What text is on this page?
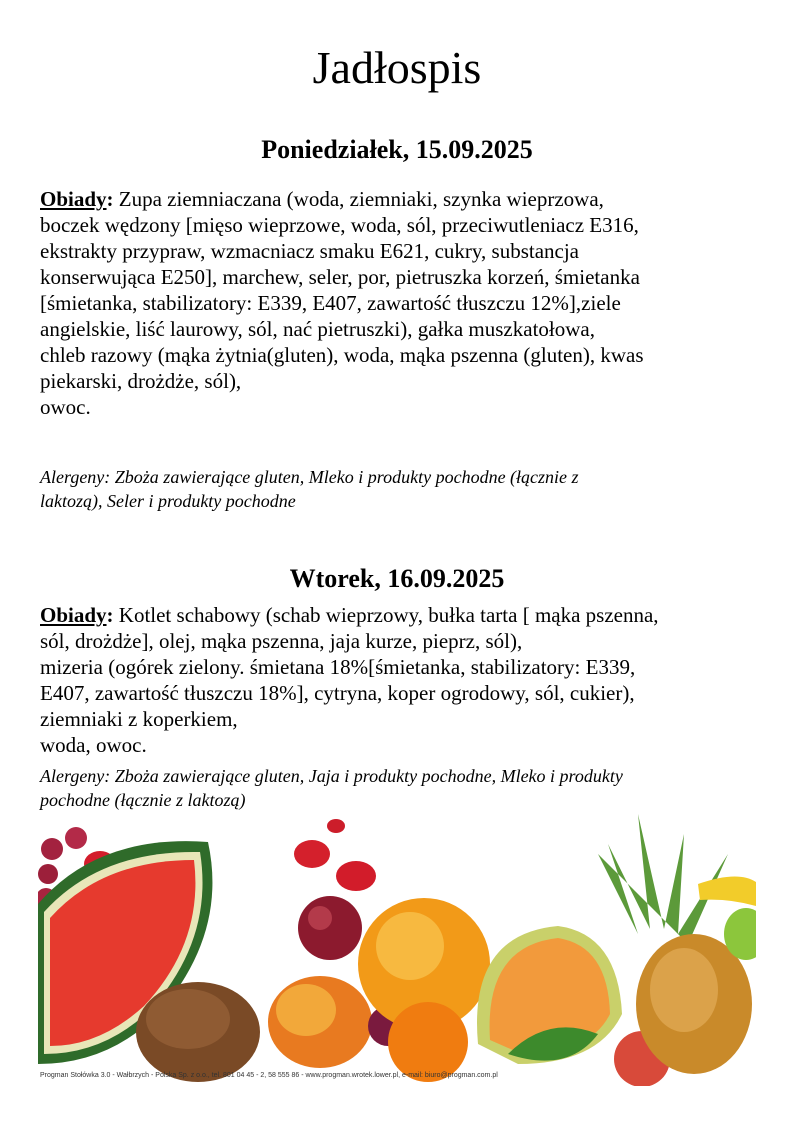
Jadłospis
Poniedziałek, 15.09.2025
Obiady: Zupa ziemniaczana (woda, ziemniaki, szynka wieprzowa,
boczek wędzony [mięso wieprzowe, woda, sól, przeciwutleniacz E316,
ekstrakty przypraw, wzmacniacz smaku E621, cukry, substancja
konserwująca E250], marchew, seler, por, pietruszka korzeń, śmietanka
[śmietanka, stabilizatory: E339, E407, zawartość tłuszczu 12%],ziele
angielskie, liść laurowy, sól, nać pietruszki), gałka muszkatołowa,
chleb razowy (mąka żytnia(gluten), woda, mąka pszenna (gluten), kwas
piekarski, drożdże, sól),
owoc.
Alergeny: Zboża zawierające gluten, Mleko i produkty pochodne (łącznie z
laktozą), Seler i produkty pochodne
Wtorek, 16.09.2025
Obiady: Kotlet schabowy (schab wieprzowy, bułka tarta [ mąka pszenna,
sól, drożdże], olej, mąka pszenna, jaja kurze, pieprz, sól),
mizeria (ogórek zielony. śmietana 18%[śmietanka, stabilizatory: E339,
E407, zawartość tłuszczu 18%], cytryna, koper ogrodowy, sól, cukier),
ziemniaki z koperkiem,
woda, owoc.
Alergeny: Zboża zawierające gluten, Jaja i produkty pochodne, Mleko i produkty
pochodne (łącznie z laktozą)
Progman Stołówka 3.0 - Wałbrzych - Polska Sp. z o.o., tel. 801 04 45 - 2, 58 555 86 - www.progman.wrotek.lower.pl, e-mail: biuro@progman.com.pl
